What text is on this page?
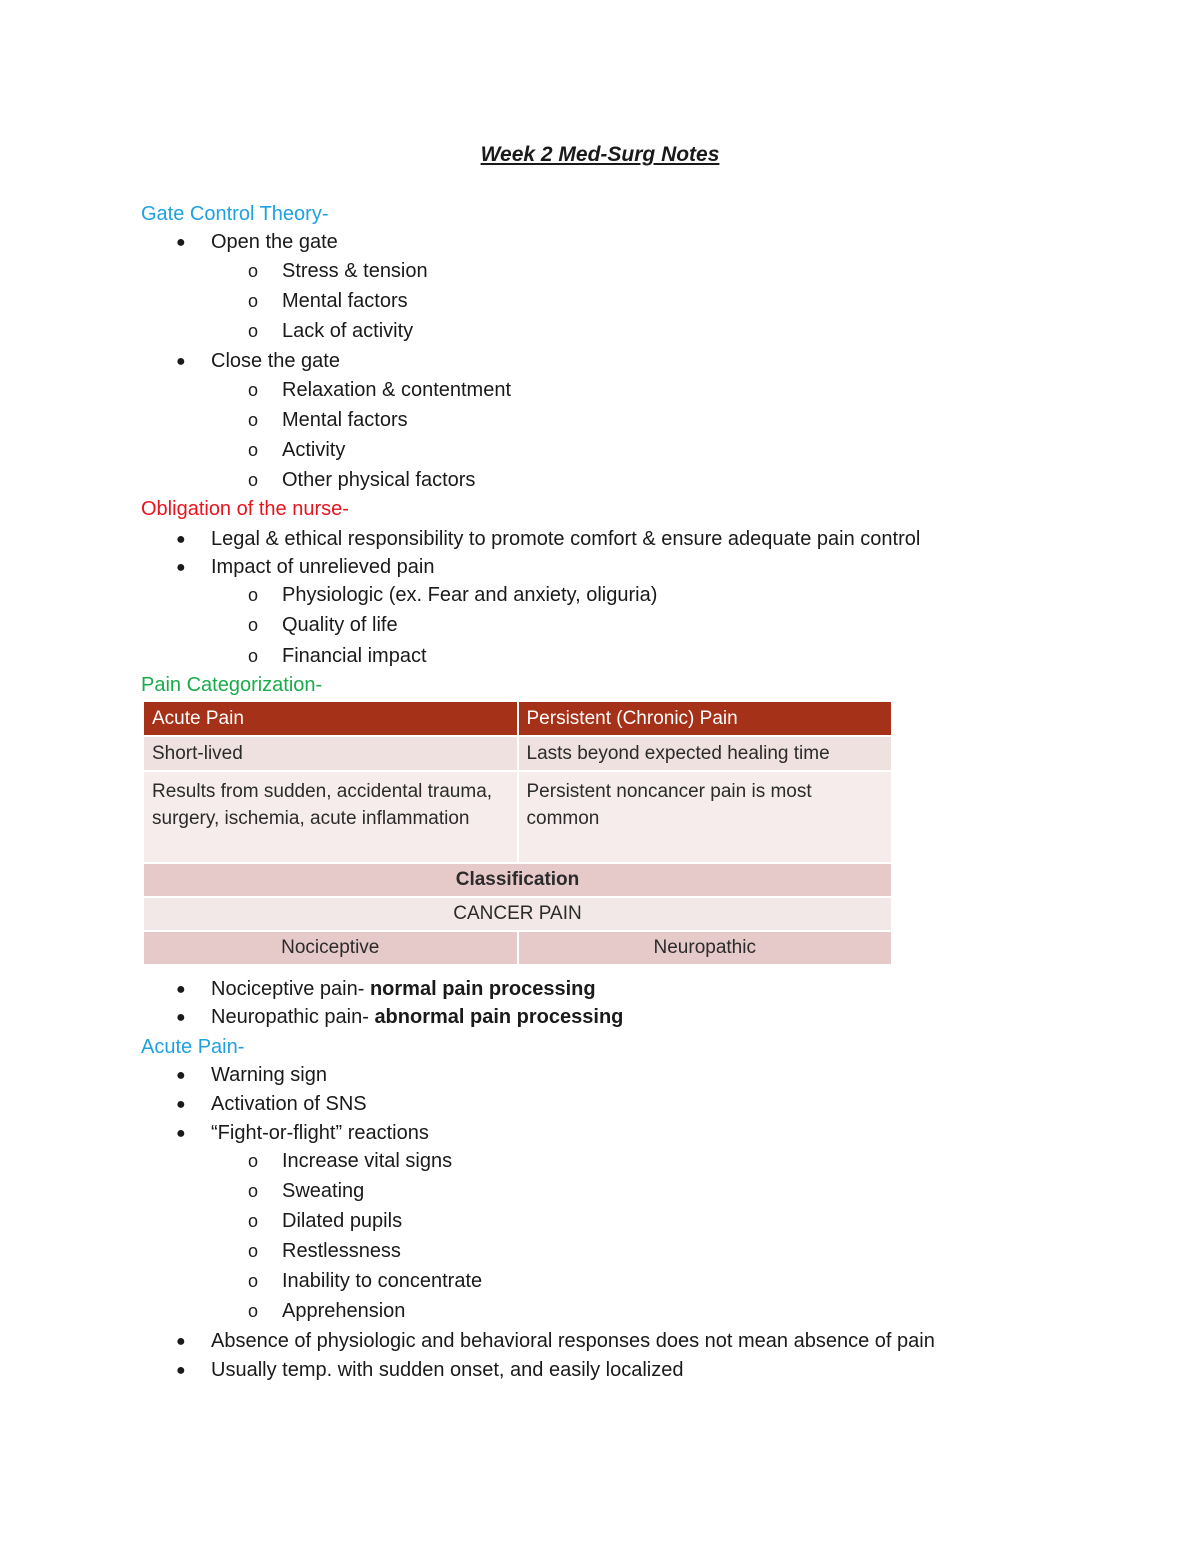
Week 2 Med-Surg Notes
Gate Control Theory-
● Open the gate
o Stress & tension
o Mental factors
o Lack of activity
● Close the gate
o Relaxation & contentment
o Mental factors
o Activity
o Other physical factors
Obligation of the nurse-
● Legal & ethical responsibility to promote comfort & ensure adequate pain control
● Impact of unrelieved pain
o Physiologic (ex. Fear and anxiety, oliguria)
o Quality of life
o Financial impact
Pain Categorization-
Acute Pain	Persistent (Chronic) Pain
Short-lived	Lasts beyond expected healing time
Results from sudden, accidental trauma, surgery, ischemia, acute inflammation	Persistent noncancer pain is most common
Classification	
CANCER PAIN	
Nociceptive	Neuropathic
● Nociceptive pain- normal pain processing
● Neuropathic pain- abnormal pain processing
Acute Pain-
● Warning sign
● Activation of SNS
● “Fight-or-flight” reactions
o Increase vital signs
o Sweating
o Dilated pupils
o Restlessness
o Inability to concentrate
o Apprehension
● Absence of physiologic and behavioral responses does not mean absence of pain
● Usually temp. with sudden onset, and easily localized
